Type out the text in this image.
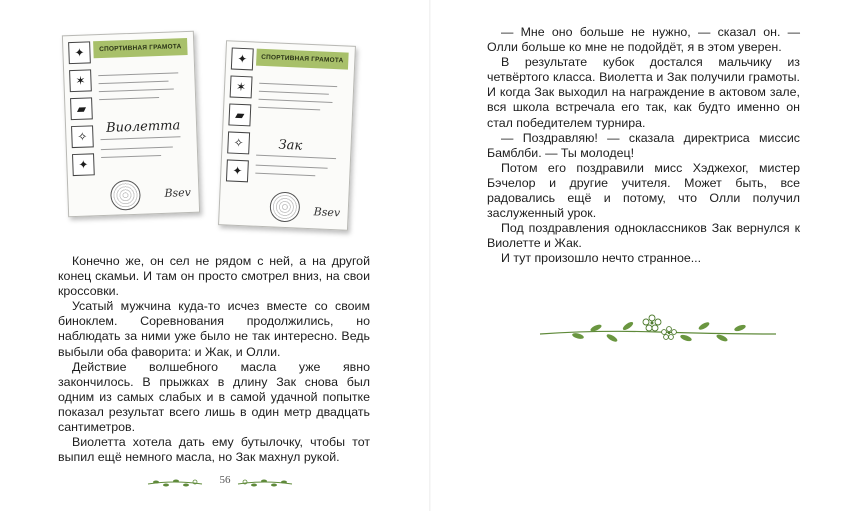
СПОРТИВНАЯ ГРАМОТА
✦
✶
▰
✧
✦
Виолетта
Bsev
СПОРТИВНАЯ ГРАМОТА
✦
✶
▰
✧
✦
Зак
Bsev

Конечно же, он сел не рядом с ней, а на другой конец скамьи. И там он просто смотрел вниз, на свои кроссовки.

Усатый мужчина куда-то исчез вместе со своим биноклем. Соревнования продолжились, но наблюдать за ними уже было не так интересно. Ведь выбыли оба фаворита: и Жак, и Олли.

Действие волшебного масла уже явно закончилось. В прыжках в длину Зак снова был одним из самых слабых и в самой удачной попытке показал результат всего лишь в один метр двадцать сантиметров.

Виолетта хотела дать ему бутылочку, чтобы тот выпил ещё немного масла, но Зак махнул рукой.

56

— Мне оно больше не нужно, — сказал он. — Олли больше ко мне не подойдёт, я в этом уверен.

В результате кубок достался мальчику из четвёртого класса. Виолетта и Зак получили грамоты. И когда Зак выходил на награждение в актовом зале, вся школа встречала его так, как будто именно он стал победителем турнира.

— Поздравляю! — сказала директриса миссис Бамблби. — Ты молодец!

Потом его поздравили мисс Хэджехог, мистер Бэчелор и другие учителя. Может быть, все радовались ещё и потому, что Олли получил заслуженный урок.

Под поздравления одноклассников Зак вернулся к Виолетте и Жак.

И тут произошло нечто странное...
